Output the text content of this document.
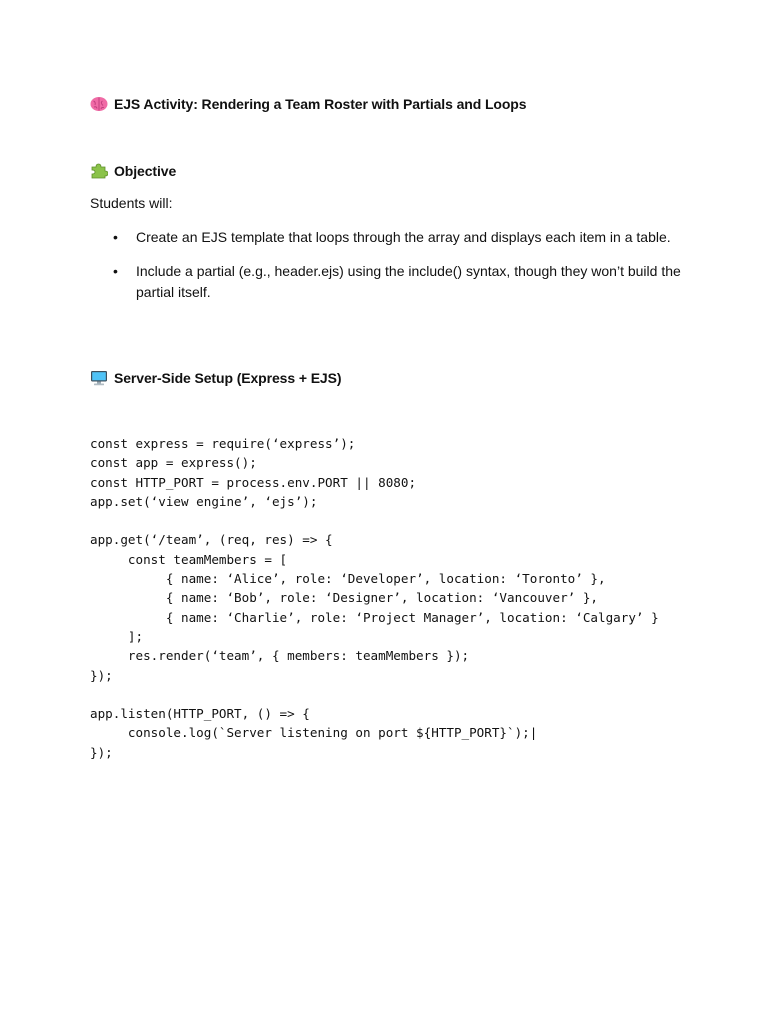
EJS Activity: Rendering a Team Roster with Partials and Loops
Objective
Students will:
• Create an EJS template that loops through the array and displays each item in a table.
• Include a partial (e.g., header.ejs) using the include() syntax, though they won’t build the partial itself.
Server-Side Setup (Express + EJS)
const express = require(‘express’);
const app = express();
const HTTP_PORT = process.env.PORT || 8080;
app.set(‘view engine’, ‘ejs’);

app.get(‘/team’, (req, res) => {
const teamMembers = [
{ name: ‘Alice’, role: ‘Developer’, location: ‘Toronto’ },
{ name: ‘Bob’, role: ‘Designer’, location: ‘Vancouver’ },
{ name: ‘Charlie’, role: ‘Project Manager’, location: ‘Calgary’ }
];
res.render(‘team’, { members: teamMembers });
});

app.listen(HTTP_PORT, () => {
console.log(`Server listening on port ${HTTP_PORT}`);|
});
